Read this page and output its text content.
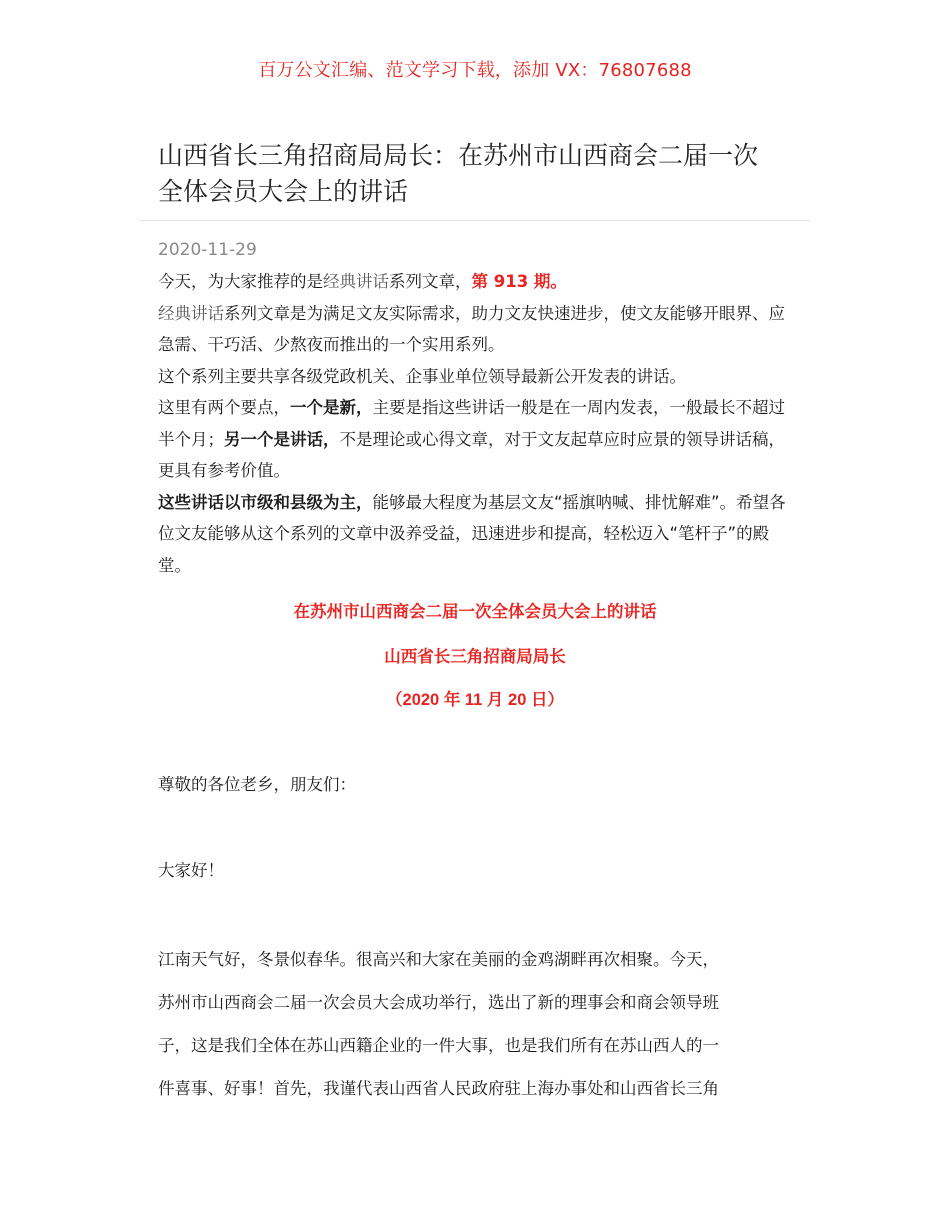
百万公文汇编、范文学习下载，添加 VX：76807688
山西省长三角招商局局长：在苏州市山西商会二届一次
全体会员大会上的讲话
2020-11-29

今天，为大家推荐的是经典讲话系列文章，第 913 期。

经典讲话系列文章是为满足文友实际需求，助力文友快速进步，使文友能够开眼界、应急需、干巧活、少熬夜而推出的一个实用系列。

这个系列主要共享各级党政机关、企事业单位领导最新公开发表的讲话。

这里有两个要点，一个是新，主要是指这些讲话一般是在一周内发表，一般最长不超过半个月；另一个是讲话，不是理论或心得文章，对于文友起草应时应景的领导讲话稿，更具有参考价值。

这些讲话以市级和县级为主，能够最大程度为基层文友“摇旗呐喊、排忧解难”。希望各位文友能够从这个系列的文章中汲养受益，迅速进步和提高，轻松迈入“笔杆子”的殿堂。

在苏州市山西商会二届一次全体会员大会上的讲话
山西省长三角招商局局长
（2020 年 11 月 20 日）
尊敬的各位老乡，朋友们：
大家好！
江南天气好，冬景似春华。很高兴和大家在美丽的金鸡湖畔再次相聚。今天，
苏州市山西商会二届一次会员大会成功举行，选出了新的理事会和商会领导班
子，这是我们全体在苏山西籍企业的一件大事，也是我们所有在苏山西人的一
件喜事、好事！首先，我谨代表山西省人民政府驻上海办事处和山西省长三角
